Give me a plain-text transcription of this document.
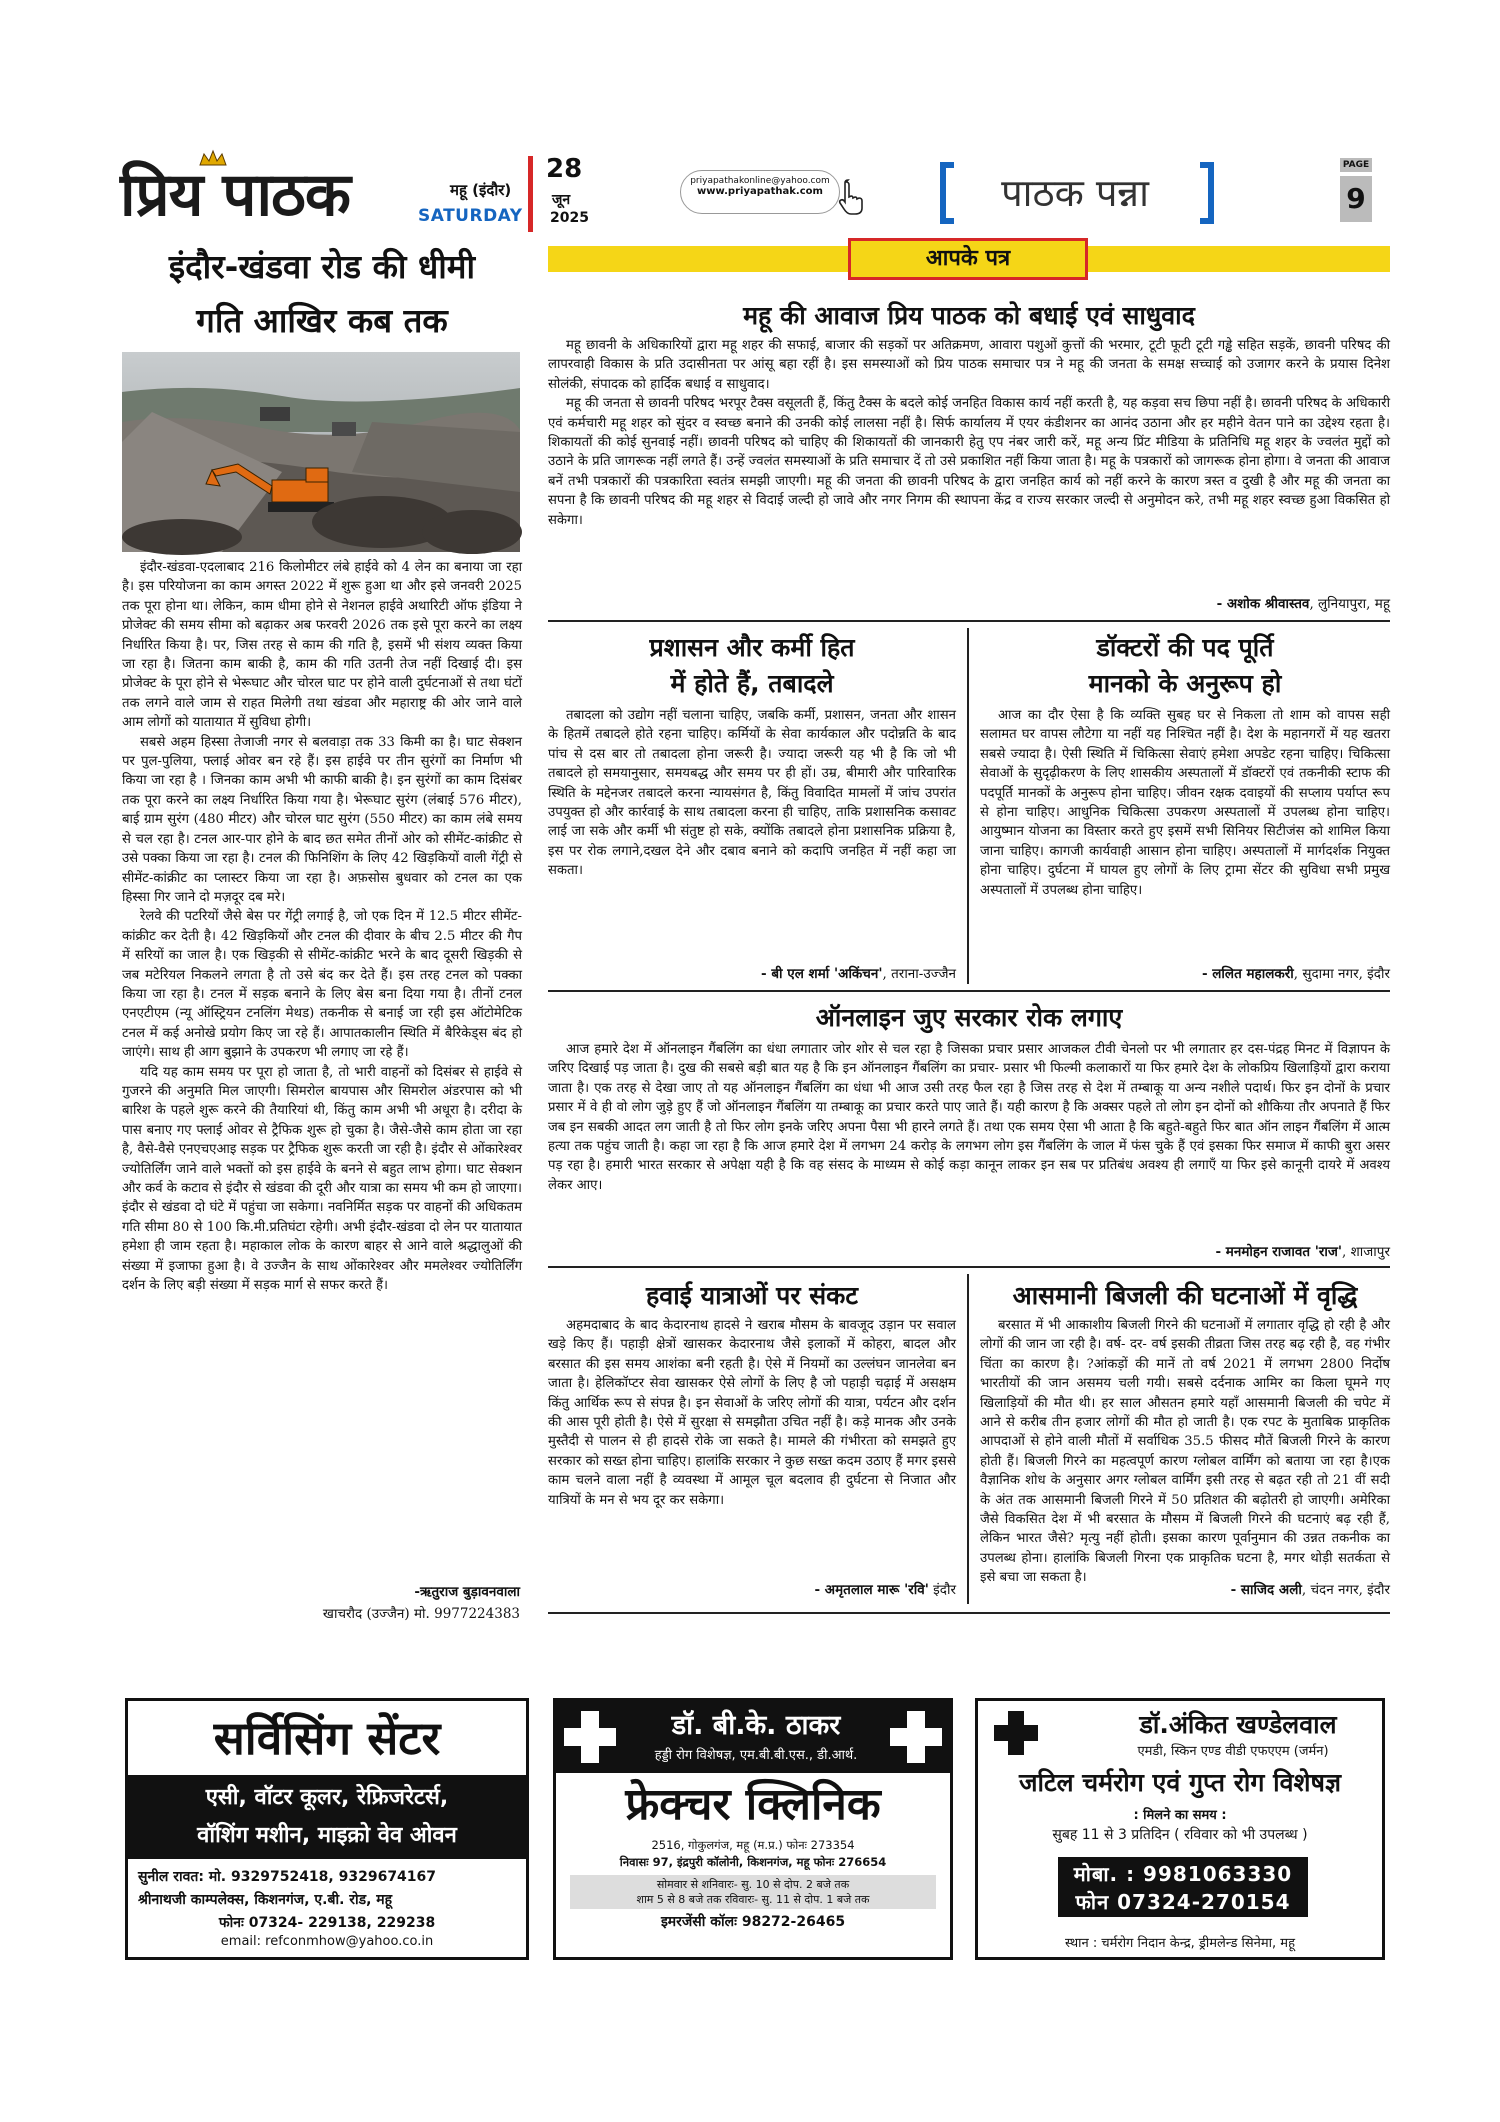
प्रिय पाठक	महू (इंदौर)
SATURDAY
28
जून
2025
priyapathakonline@yahoo.com
www.priyapathak.com	पाठक पन्ना
PAGE
9
इंदौर-खंडवा रोड की धीमी
गति आखिर कब तक

इंदौर-खंडवा-एदलाबाद 216 किलोमीटर लंबे हाईवे को 4 लेन का बनाया जा रहा है। इस परियोजना का काम अगस्त 2022 में शुरू हुआ था और इसे जनवरी 2025 तक पूरा होना था। लेकिन, काम धीमा होने से नेशनल हाईवे अथारिटी ऑफ इंडिया ने प्रोजेक्ट की समय सीमा को बढ़ाकर अब फरवरी 2026 तक इसे पूरा करने का लक्ष्य निर्धारित किया है। पर, जिस तरह से काम की गति है, इसमें भी संशय व्यक्त किया जा रहा है। जितना काम बाकी है, काम की गति उतनी तेज नहीं दिखाई दी। इस प्रोजेक्ट के पूरा होने से भेरूघाट और चोरल घाट पर होने वाली दुर्घटनाओं से तथा घंटों तक लगने वाले जाम से राहत मिलेगी तथा खंडवा और महाराष्ट्र की ओर जाने वाले आम लोगों को यातायात में सुविधा होगी।

सबसे अहम हिस्सा तेजाजी नगर से बलवाड़ा तक 33 किमी का है। घाट सेक्शन पर पुल-पुलिया, फ्लाई ओवर बन रहे हैं। इस हाईवे पर तीन सुरंगों का निर्माण भी किया जा रहा है । जिनका काम अभी भी काफी बाकी है। इन सुरंगों का काम दिसंबर तक पूरा करने का लक्ष्य निर्धारित किया गया है। भेरूघाट सुरंग (लंबाई 576 मीटर), बाई ग्राम सुरंग (480 मीटर) और चोरल घाट सुरंग (550 मीटर) का काम लंबे समय से चल रहा है। टनल आर-पार होने के बाद छत समेत तीनों ओर को सीमेंट-कांक्रीट से उसे पक्का किया जा रहा है। टनल की फिनिशिंग के लिए 42 खिड़कियों वाली गेंट्री से सीमेंट-कांक्रीट का प्लास्टर किया जा रहा है। अफ़सोस बुधवार को टनल का एक हिस्सा गिर जाने दो मज़दूर दब मरे।

रेलवे की पटरियों जैसे बेस पर गेंट्री लगाई है, जो एक दिन में 12.5 मीटर सीमेंट-कांक्रीट कर देती है। 42 खिड़कियों और टनल की दीवार के बीच 2.5 मीटर की गैप में सरियों का जाल है। एक खिड़की से सीमेंट-कांक्रीट भरने के बाद दूसरी खिड़की से जब मटेरियल निकलने लगता है तो उसे बंद कर देते हैं। इस तरह टनल को पक्का किया जा रहा है। टनल में सड़क बनाने के लिए बेस बना दिया गया है। तीनों टनल एनएटीएम (न्यू ऑस्ट्रियन टनलिंग मेथड) तकनीक से बनाई जा रही इस ऑटोमेटिक टनल में कई अनोखे प्रयोग किए जा रहे हैं। आपातकालीन स्थिति में बैरिकेड्स बंद हो जाएंगे। साथ ही आग बुझाने के उपकरण भी लगाए जा रहे हैं।

यदि यह काम समय पर पूरा हो जाता है, तो भारी वाहनों को दिसंबर से हाईवे से गुजरने की अनुमति मिल जाएगी। सिमरोल बायपास और सिमरोल अंडरपास को भी बारिश के पहले शुरू करने की तैयारियां थी, किंतु काम अभी भी अधूरा है। दरीदा के पास बनाए गए फ्लाई ओवर से ट्रैफिक शुरू हो चुका है। जैसे-जैसे काम होता जा रहा है, वैसे-वैसे एनएचएआइ सड़क पर ट्रैफिक शुरू करती जा रही है। इंदौर से ओंकारेश्वर ज्योतिर्लिंग जाने वाले भक्तों को इस हाईवे के बनने से बहुत लाभ होगा। घाट सेक्शन और कर्व के कटाव से इंदौर से खंडवा की दूरी और यात्रा का समय भी कम हो जाएगा। इंदौर से खंडवा दो घंटे में पहुंचा जा सकेगा। नवनिर्मित सड़क पर वाहनों की अधिकतम गति सीमा 80 से 100 कि.मी.प्रतिघंटा रहेगी। अभी इंदौर-खंडवा दो लेन पर यातायात हमेशा ही जाम रहता है। महाकाल लोक के कारण बाहर से आने वाले श्रद्धालुओं की संख्या में इजाफा हुआ है। वे उज्जैन के साथ ओंकारेश्वर और ममलेश्वर ज्योतिर्लिंग दर्शन के लिए बड़ी संख्या में सड़क मार्ग से सफर करते हैं।

-ऋतुराज बुड़ावनवाला
खाचरौद (उज्जैन) मो. 9977224383
आपके पत्र
महू की आवाज प्रिय पाठक को बधाई एवं साधुवाद

महू छावनी के अधिकारियों द्वारा महू शहर की सफाई, बाजार की सड़कों पर अतिक्रमण, आवारा पशुओं कुत्तों की भरमार, टूटी फूटी टूटी गड्ढे सहित सड़कें, छावनी परिषद की लापरवाही विकास के प्रति उदासीनता पर आंसू बहा रहीं है। इस समस्याओं को प्रिय पाठक समाचार पत्र ने महू की जनता के समक्ष सच्चाई को उजागर करने के प्रयास दिनेश सोलंकी, संपादक को हार्दिक बधाई व साधुवाद।

महू की जनता से छावनी परिषद भरपूर टैक्स वसूलती हैं, किंतु टैक्स के बदले कोई जनहित विकास कार्य नहीं करती है, यह कड़वा सच छिपा नहीं है। छावनी परिषद के अधिकारी एवं कर्मचारी महू शहर को सुंदर व स्वच्छ बनाने की उनकी कोई लालसा नहीं है। सिर्फ कार्यालय में एयर कंडीशनर का आनंद उठाना और हर महीने वेतन पाने का उद्देश्य रहता है। शिकायतों की कोई सुनवाई नहीं। छावनी परिषद को चाहिए की शिकायतों की जानकारी हेतु एप नंबर जारी करें, महू अन्य प्रिंट मीडिया के प्रतिनिधि महू शहर के ज्वलंत मुद्दों को उठाने के प्रति जागरूक नहीं लगते हैं। उन्हें ज्वलंत समस्याओं के प्रति समाचार दें तो उसे प्रकाशित नहीं किया जाता है। महू के पत्रकारों को जागरूक होना होगा। वे जनता की आवाज बनें तभी पत्रकारों की पत्रकारिता स्वतंत्र समझी जाएगी। महू की जनता की छावनी परिषद के द्वारा जनहित कार्य को नहीं करने के कारण त्रस्त व दुखी है और महू की जनता का सपना है कि छावनी परिषद की महू शहर से विदाई जल्दी हो जावे और नगर निगम की स्थापना केंद्र व राज्य सरकार जल्दी से अनुमोदन करे, तभी महू शहर स्वच्छ हुआ विकसित हो सकेगा।

- अशोक श्रीवास्तव, लुनियापुरा, महू
प्रशासन और कर्मी हित
में होते हैं, तबादले

तबादला को उद्योग नहीं चलाना चाहिए, जबकि कर्मी, प्रशासन, जनता और शासन के हितमें तबादले होते रहना चाहिए। कर्मियों के सेवा कार्यकाल और पदोन्नति के बाद पांच से दस बार तो तबादला होना जरूरी है। ज्यादा जरूरी यह भी है कि जो भी तबादले हो समयानुसार, समयबद्ध और समय पर ही हों। उम्र, बीमारी और पारिवारिक स्थिति के मद्देनजर तबादले करना न्यायसंगत है, किंतु विवादित मामलों में जांच उपरांत उपयुक्त हो और कार्रवाई के साथ तबादला करना ही चाहिए, ताकि प्रशासनिक कसावट लाई जा सके और कर्मी भी संतुष्ट हो सके, क्योंकि तबादले होना प्रशासनिक प्रक्रिया है, इस पर रोक लगाने,दखल देने और दबाव बनाने को कदापि जनहित में नहीं कहा जा सकता।

- बी एल शर्मा 'अकिंचन', तराना-उज्जैन
डॉक्टरों की पद पूर्ति
मानको के अनुरूप हो

आज का दौर ऐसा है कि व्यक्ति सुबह घर से निकला तो शाम को वापस सही सलामत घर वापस लौटेगा या नहीं यह निश्चित नहीं है। देश के महानगरों में यह खतरा सबसे ज्यादा है। ऐसी स्थिति में चिकित्सा सेवाएं हमेशा अपडेट रहना चाहिए। चिकित्सा सेवाओं के सुदृढ़ीकरण के लिए शासकीय अस्पतालों में डॉक्टरों एवं तकनीकी स्टाफ की पदपूर्ति मानकों के अनुरूप होना चाहिए। जीवन रक्षक दवाइयों की सप्लाय पर्याप्त रूप से होना चाहिए। आधुनिक चिकित्सा उपकरण अस्पतालों में उपलब्ध होना चाहिए। आयुष्मान योजना का विस्तार करते हुए इसमें सभी सिनियर सिटीजंस को शामिल किया जाना चाहिए। कागजी कार्यवाही आसान होना चाहिए। अस्पतालों में मार्गदर्शक नियुक्त होना चाहिए। दुर्घटना में घायल हुए लोगों के लिए ट्रामा सेंटर की सुविधा सभी प्रमुख अस्पतालों में उपलब्ध होना चाहिए।

- ललित महालकरी, सुदामा नगर, इंदौर
ऑनलाइन जुए सरकार रोक लगाए

आज हमारे देश में ऑनलाइन गैंबलिंग का धंधा लगातार जोर शोर से चल रहा है जिसका प्रचार प्रसार आजकल टीवी चेनलो पर भी लगातार हर दस-पंद्रह मिनट में विज्ञापन के जरिए दिखाई पड़ जाता है। दुख की सबसे बड़ी बात यह है कि इन ऑनलाइन गैंबलिंग का प्रचार- प्रसार भी फिल्मी कलाकारों या फिर हमारे देश के लोकप्रिय खिलाड़ियों द्वारा कराया जाता है। एक तरह से देखा जाए तो यह ऑनलाइन गैंबलिंग का धंधा भी आज उसी तरह फैल रहा है जिस तरह से देश में तम्बाकू या अन्य नशीले पदार्थ। फिर इन दोनों के प्रचार प्रसार में वे ही वो लोग जुड़े हुए हैं जो ऑनलाइन गैंबलिंग या तम्बाकू का प्रचार करते पाए जाते हैं। यही कारण है कि अक्सर पहले तो लोग इन दोनों को शौकिया तौर अपनाते हैं फिर जब इन सबकी आदत लग जाती है तो फिर लोग इनके जरिए अपना पैसा भी हारने लगते हैं। तथा एक समय ऐसा भी आता है कि बहुते-बहुते फिर बात ऑन लाइन गैंबलिंग में आत्म हत्या तक पहुंच जाती है। कहा जा रहा है कि आज हमारे देश में लगभग 24 करोड़ के लगभग लोग इस गैंबलिंग के जाल में फंस चुके हैं एवं इसका फिर समाज में काफी बुरा असर पड़ रहा है। हमारी भारत सरकार से अपेक्षा यही है कि वह संसद के माध्यम से कोई कड़ा कानून लाकर इन सब पर प्रतिबंध अवश्य ही लगाएँ या फिर इसे कानूनी दायरे में अवश्य लेकर आए।

- मनमोहन राजावत 'राज', शाजापुर
हवाई यात्राओं पर संकट

अहमदाबाद के बाद केदारनाथ हादसे ने खराब मौसम के बावजूद उड़ान पर सवाल खड़े किए हैं। पहाड़ी क्षेत्रों खासकर केदारनाथ जैसे इलाकों में कोहरा, बादल और बरसात की इस समय आशंका बनी रहती है। ऐसे में नियमों का उल्लंघन जानलेवा बन जाता है। हेलिकॉप्टर सेवा खासकर ऐसे लोगों के लिए है जो पहाड़ी चढ़ाई में असक्षम किंतु आर्थिक रूप से संपन्न है। इन सेवाओं के जरिए लोगों की यात्रा, पर्यटन और दर्शन की आस पूरी होती है। ऐसे में सुरक्षा से समझौता उचित नहीं है। कड़े मानक और उनके मुस्तैदी से पालन से ही हादसे रोके जा सकते है। मामले की गंभीरता को समझते हुए सरकार को सख्त होना चाहिए। हालांकि सरकार ने कुछ सख्त कदम उठाए हैं मगर इससे काम चलने वाला नहीं है व्यवस्था में आमूल चूल बदलाव ही दुर्घटना से निजात और यात्रियों के मन से भय दूर कर सकेगा।

- अमृतलाल मारू 'रवि' इंदौर
आसमानी बिजली की घटनाओं में वृद्धि

बरसात में भी आकाशीय बिजली गिरने की घटनाओं में लगातार वृद्धि हो रही है और लोगों की जान जा रही है। वर्ष- दर- वर्ष इसकी तीव्रता जिस तरह बढ़ रही है, वह गंभीर चिंता का कारण है। ?आंकड़ों की मानें तो वर्ष 2021 में लगभग 2800 निर्दोष भारतीयों की जान असमय चली गयी। सबसे दर्दनाक आमिर का किला घूमने गए खिलाड़ियों की मौत थी। हर साल औसतन हमारे यहाँ आसमानी बिजली की चपेट में आने से करीब तीन हजार लोगों की मौत हो जाती है। एक रपट के मुताबिक प्राकृतिक आपदाओं से होने वाली मौतों में सर्वाधिक 35.5 फीसद मौतें बिजली गिरने के कारण होती हैं। बिजली गिरने का महत्वपूर्ण कारण ग्लोबल वार्मिंग को बताया जा रहा है।एक वैज्ञानिक शोध के अनुसार अगर ग्लोबल वार्मिंग इसी तरह से बढ़त रही तो 21 वीं सदी के अंत तक आसमानी बिजली गिरने में 50 प्रतिशत की बढ़ोतरी हो जाएगी। अमेरिका जैसे विकसित देश में भी बरसात के मौसम में बिजली गिरने की घटनाएं बढ़ रही हैं, लेकिन भारत जैसे? मृत्यु नहीं होती। इसका कारण पूर्वानुमान की उन्नत तकनीक का उपलब्ध होना। हालांकि बिजली गिरना एक प्राकृतिक घटना है, मगर थोड़ी सतर्कता से इसे बचा जा सकता है।

- साजिद अली, चंदन नगर, इंदौर
सर्विसिंग सेंटर
एसी, वॉटर कूलर, रेफ्रिजरेटर्स,
वॉशिंग मशीन, माइक्रो वेव ओवन
सुनील रावत: मो. 9329752418, 9329674167
श्रीनाथजी काम्पलेक्स, किशनगंज, ए.बी. रोड, महू
फोनः 07324- 229138, 229238
email: refconmhow@yahoo.co.in
डॉ. बी.के. ठाकर
हड्डी रोग विशेषज्ञ, एम.बी.बी.एस., डी.आर्थ.
फ्रेक्चर क्लिनिक
2516, गोकुलगंज, महू (म.प्र.) फोनः 273354
निवासः 97, इंद्रपुरी कॉलोनी, किशनगंज, महू फोनः 276654
सोमवार से शनिवारः- सु. 10 से दोप. 2 बजे तक
शाम 5 से 8 बजे तक रविवारः- सु. 11 से दोप. 1 बजे तक
इमरजेंसी कॉलः 98272-26465
डॉ.अंकित खण्डेलवाल
एमडी, स्किन एण्ड वीडी एफएएम (जर्मन)
जटिल चर्मरोग एवं गुप्त रोग विशेषज्ञ
: मिलने का समय :
सुबह 11 से 3 प्रतिदिन ( रविवार को भी उपलब्ध )
मोबा. : 9981063330
फोन 07324-270154
स्थान : चर्मरोग निदान केन्द्र, ड्रीमलेन्ड सिनेमा, महू
